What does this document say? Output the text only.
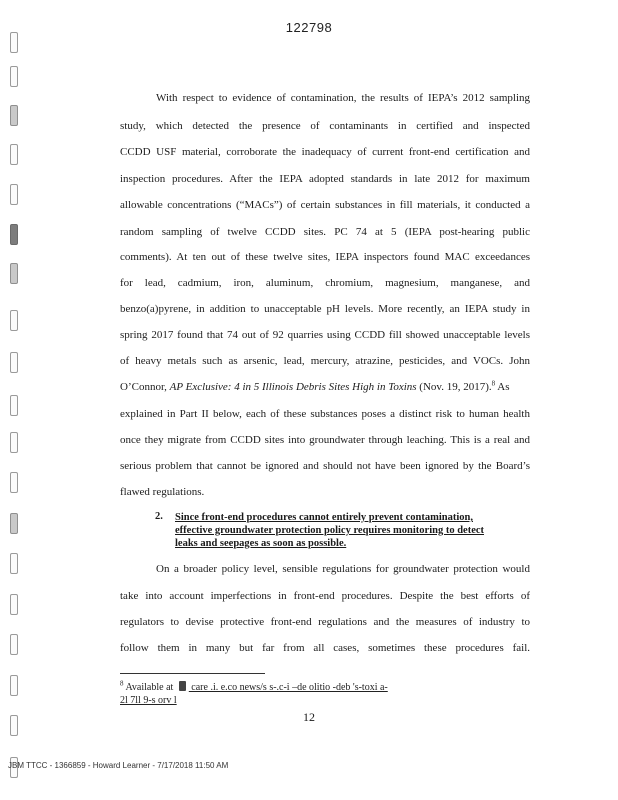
122798
With respect to evidence of contamination, the results of IEPA’s 2012 sampling
study, which detected the presence of contaminants in certified and inspected
CCDD USF material, corroborate the inadequacy of current front-end certification and
inspection procedures. After the IEPA adopted standards in late 2012 for maximum
allowable concentrations (“MACs”) of certain substances in fill materials, it conducted a
random sampling of twelve CCDD sites. PC 74 at 5 (IEPA post-hearing public
comments). At ten out of these twelve sites, IEPA inspectors found MAC exceedances
for lead, cadmium, iron, aluminum, chromium, magnesium, manganese, and
benzo(a)pyrene, in addition to unacceptable pH levels. More recently, an IEPA study in
spring 2017 found that 74 out of 92 quarries using CCDD fill showed unacceptable levels
of heavy metals such as arsenic, lead, mercury, atrazine, pesticides, and VOCs. John
O’Connor, AP Exclusive: 4 in 5 Illinois Debris Sites High in Toxins (Nov. 19, 2017).$^8$ As
explained in Part II below, each of these substances poses a distinct risk to human health
once they migrate from CCDD sites into groundwater through leaching. This is a real and
serious problem that cannot be ignored and should not have been ignored by the Board’s
flawed regulations.
2. Since front-end procedures cannot entirely prevent contamination,
effective groundwater protection policy requires monitoring to detect
leaks and seepages as soon as possible.
On a broader policy level, sensible regulations for groundwater protection would
take into account imperfections in front-end procedures. Despite the best efforts of
regulators to devise protective front-end regulations and the measures of industry to
follow them in many but far from all cases, sometimes these procedures fail.
$^8$ Available at  care .i. e.co news/s s-.c-i –de olitio -deb 's-toxi a-
2l 7ll 9-s orv l
12
JBM TTCC - 1366859 - Howard Learner - 7/17/2018 11:50 AM
